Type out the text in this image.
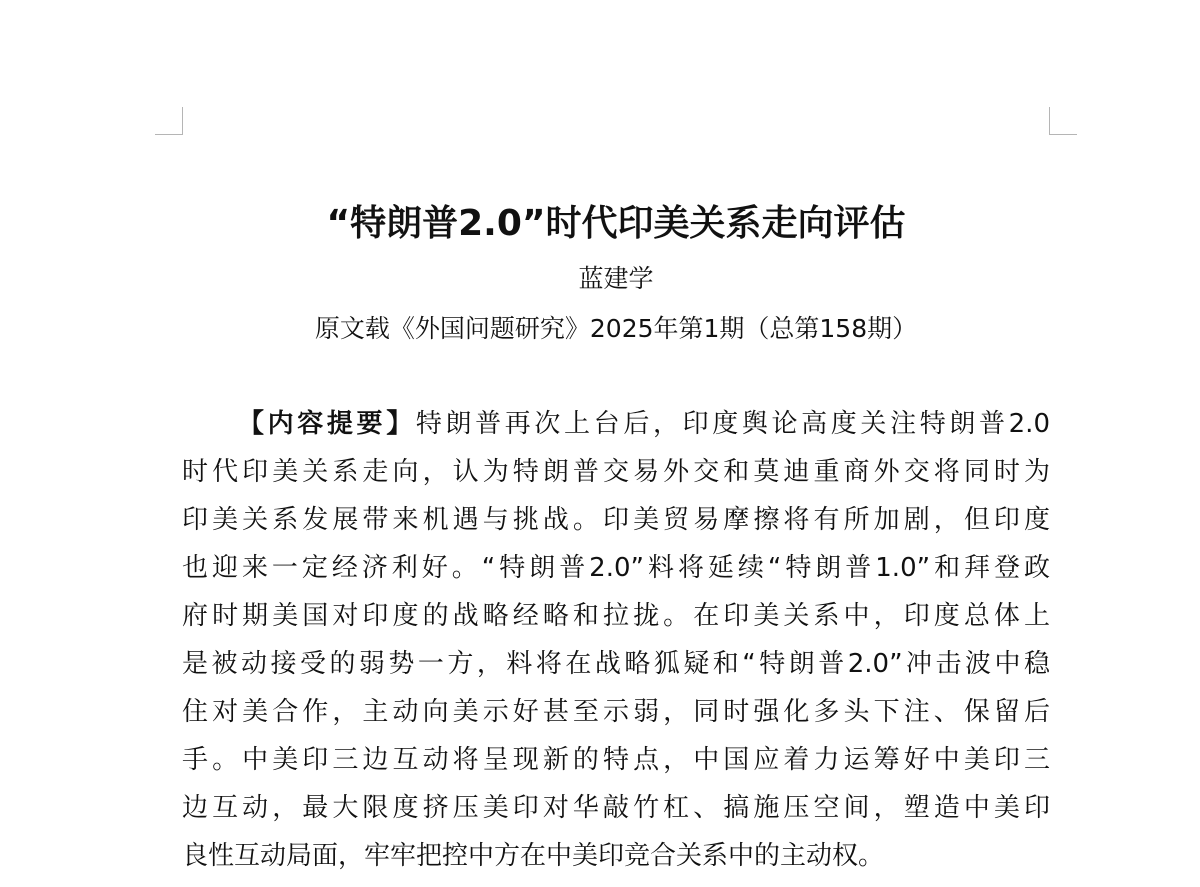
“特朗普2.0”时代印美关系走向评估
蓝建学
原文载《外国问题研究》2025年第1期（总第158期）
【内容提要】特朗普再次上台后，印度舆论高度关注特朗普2.0
时代印美关系走向，认为特朗普交易外交和莫迪重商外交将同时为
印美关系发展带来机遇与挑战。印美贸易摩擦将有所加剧，但印度
也迎来一定经济利好。“特朗普2.0”料将延续“特朗普1.0”和拜登政
府时期美国对印度的战略经略和拉拢。在印美关系中，印度总体上
是被动接受的弱势一方，料将在战略狐疑和“特朗普2.0”冲击波中稳
住对美合作，主动向美示好甚至示弱，同时强化多头下注、保留后
手。中美印三边互动将呈现新的特点，中国应着力运筹好中美印三
边互动，最大限度挤压美印对华敲竹杠、搞施压空间，塑造中美印
良性互动局面，牢牢把控中方在中美印竞合关系中的主动权。
